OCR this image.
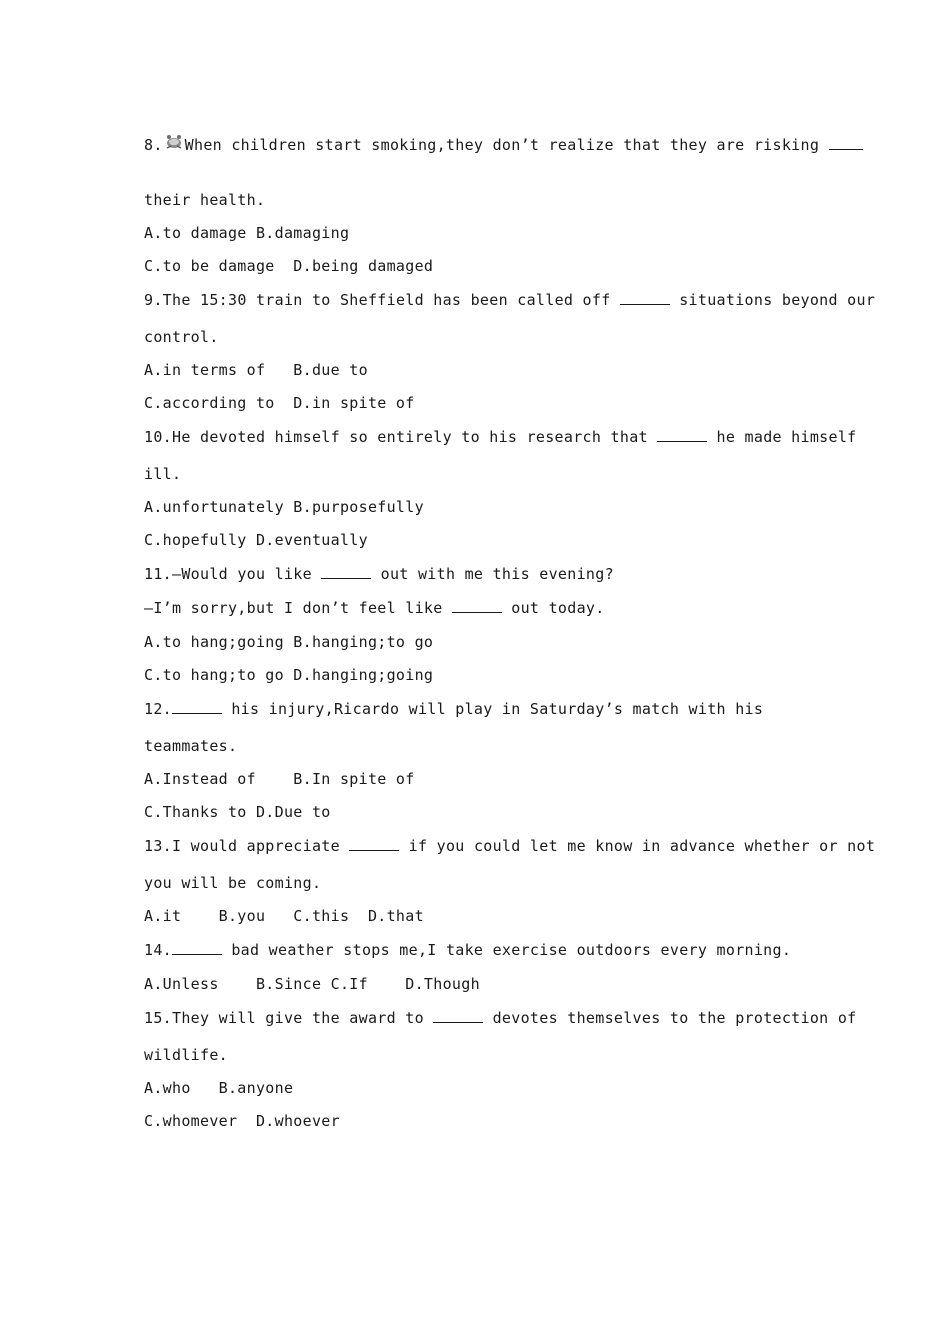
8. When children start smoking,they don’t realize that they are risking
their health.
A.to damage B.damaging
C.to be damage  D.being damaged
9.The 15:30 train to Sheffield has been called off	situations beyond our
control.
A.in terms of   B.due to
C.according to  D.in spite of
10.He devoted himself so entirely to his research that	he made himself
ill.
A.unfortunately B.purposefully
C.hopefully D.eventually
11.—Would you like	out with me this evening?
—I’m sorry,but I don’t feel like	out today.
A.to hang;going B.hanging;to go
C.to hang;to go D.hanging;going
12.	his injury,Ricardo will play in Saturday’s match with his
teammates.
A.Instead of    B.In spite of
C.Thanks to D.Due to
13.I would appreciate	if you could let me know in advance whether or not
you will be coming.
A.it    B.you   C.this  D.that
14.	bad weather stops me,I take exercise outdoors every morning.
A.Unless    B.Since C.If    D.Though
15.They will give the award to	devotes themselves to the protection of
wildlife.
A.who   B.anyone
C.whomever  D.whoever
